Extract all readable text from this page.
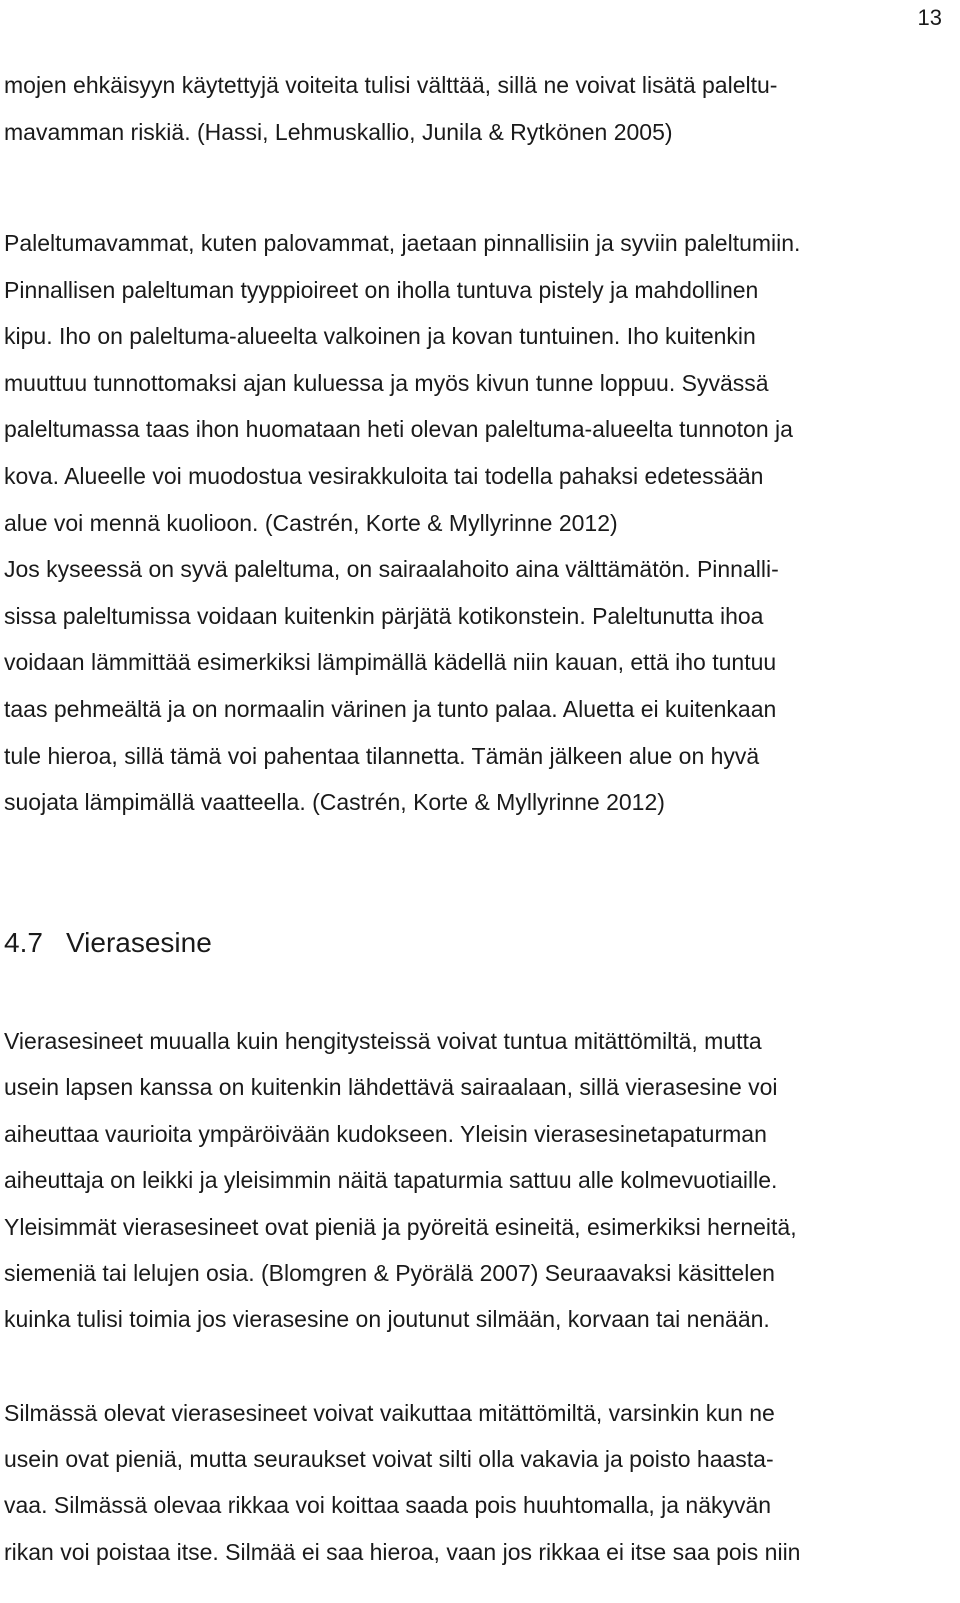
13
mojen ehkäisyyn käytettyjä voiteita tulisi välttää, sillä ne voivat lisätä paleltu-
mavamman riskiä. (Hassi, Lehmuskallio, Junila & Rytkönen 2005)
Paleltumavammat, kuten palovammat, jaetaan pinnallisiin ja syviin paleltumiin.
Pinnallisen paleltuman tyyppioireet on iholla tuntuva pistely ja mahdollinen
kipu. Iho on paleltuma-alueelta valkoinen ja kovan tuntuinen. Iho kuitenkin
muuttuu tunnottomaksi ajan kuluessa ja myös kivun tunne loppuu. Syvässä
paleltumassa taas ihon huomataan heti olevan paleltuma-alueelta tunnoton ja
kova. Alueelle voi muodostua vesirakkuloita tai todella pahaksi edetessään
alue voi mennä kuolioon. (Castrén, Korte & Myllyrinne 2012)
Jos kyseessä on syvä paleltuma, on sairaalahoito aina välttämätön. Pinnalli-
sissa paleltumissa voidaan kuitenkin pärjätä kotikonstein. Paleltunutta ihoa
voidaan lämmittää esimerkiksi lämpimällä kädellä niin kauan, että iho tuntuu
taas pehmeältä ja on normaalin värinen ja tunto palaa. Aluetta ei kuitenkaan
tule hieroa, sillä tämä voi pahentaa tilannetta. Tämän jälkeen alue on hyvä
suojata lämpimällä vaatteella. (Castrén, Korte & Myllyrinne 2012)
4.7 Vierasesine
Vierasesineet muualla kuin hengitysteissä voivat tuntua mitättömiltä, mutta
usein lapsen kanssa on kuitenkin lähdettävä sairaalaan, sillä vierasesine voi
aiheuttaa vaurioita ympäröivään kudokseen. Yleisin vierasesinetapaturman
aiheuttaja on leikki ja yleisimmin näitä tapaturmia sattuu alle kolmevuotiaille.
Yleisimmät vierasesineet ovat pieniä ja pyöreitä esineitä, esimerkiksi herneitä,
siemeniä tai lelujen osia. (Blomgren & Pyörälä 2007) Seuraavaksi käsittelen
kuinka tulisi toimia jos vierasesine on joutunut silmään, korvaan tai nenään.
Silmässä olevat vierasesineet voivat vaikuttaa mitättömiltä, varsinkin kun ne
usein ovat pieniä, mutta seuraukset voivat silti olla vakavia ja poisto haasta-
vaa. Silmässä olevaa rikkaa voi koittaa saada pois huuhtomalla, ja näkyvän
rikan voi poistaa itse. Silmää ei saa hieroa, vaan jos rikkaa ei itse saa pois niin
